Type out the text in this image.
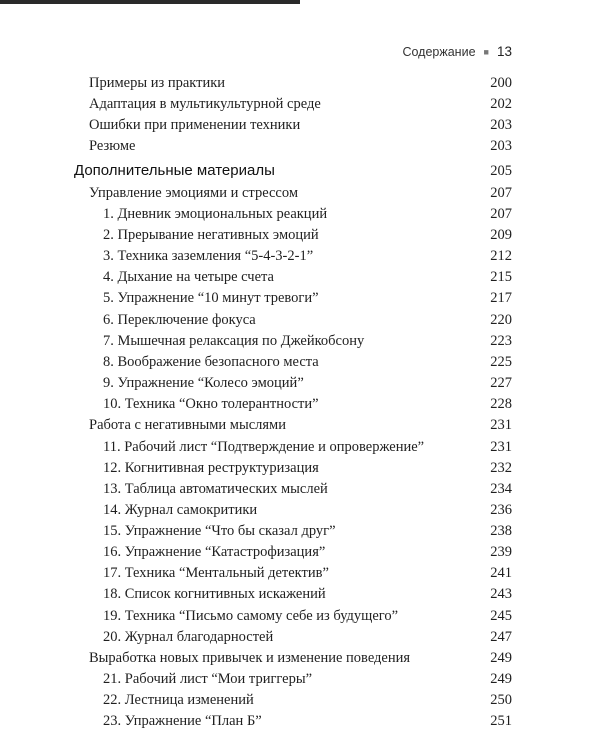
Содержание ■ 13
Примеры из практики	200
Адаптация в мультикультурной среде	202
Ошибки при применении техники	203
Резюме	203
Дополнительные материалы	205
Управление эмоциями и стрессом	207
1. Дневник эмоциональных реакций	207
2. Прерывание негативных эмоций	209
3. Техника заземления “5-4-3-2-1”	212
4. Дыхание на четыре счета	215
5. Упражнение “10 минут тревоги”	217
6. Переключение фокуса	220
7. Мышечная релаксация по Джейкобсону	223
8. Воображение безопасного места	225
9. Упражнение “Колесо эмоций”	227
10. Техника “Окно толерантности”	228
Работа с негативными мыслями	231
11. Рабочий лист “Подтверждение и опровержение”	231
12. Когнитивная реструктуризация	232
13. Таблица автоматических мыслей	234
14. Журнал самокритики	236
15. Упражнение “Что бы сказал друг”	238
16. Упражнение “Катастрофизация”	239
17. Техника “Ментальный детектив”	241
18. Список когнитивных искажений	243
19. Техника “Письмо самому себе из будущего”	245
20. Журнал благодарностей	247
Выработка новых привычек и изменение поведения	249
21. Рабочий лист “Мои триггеры”	249
22. Лестница изменений	250
23. Упражнение “План Б”	251
